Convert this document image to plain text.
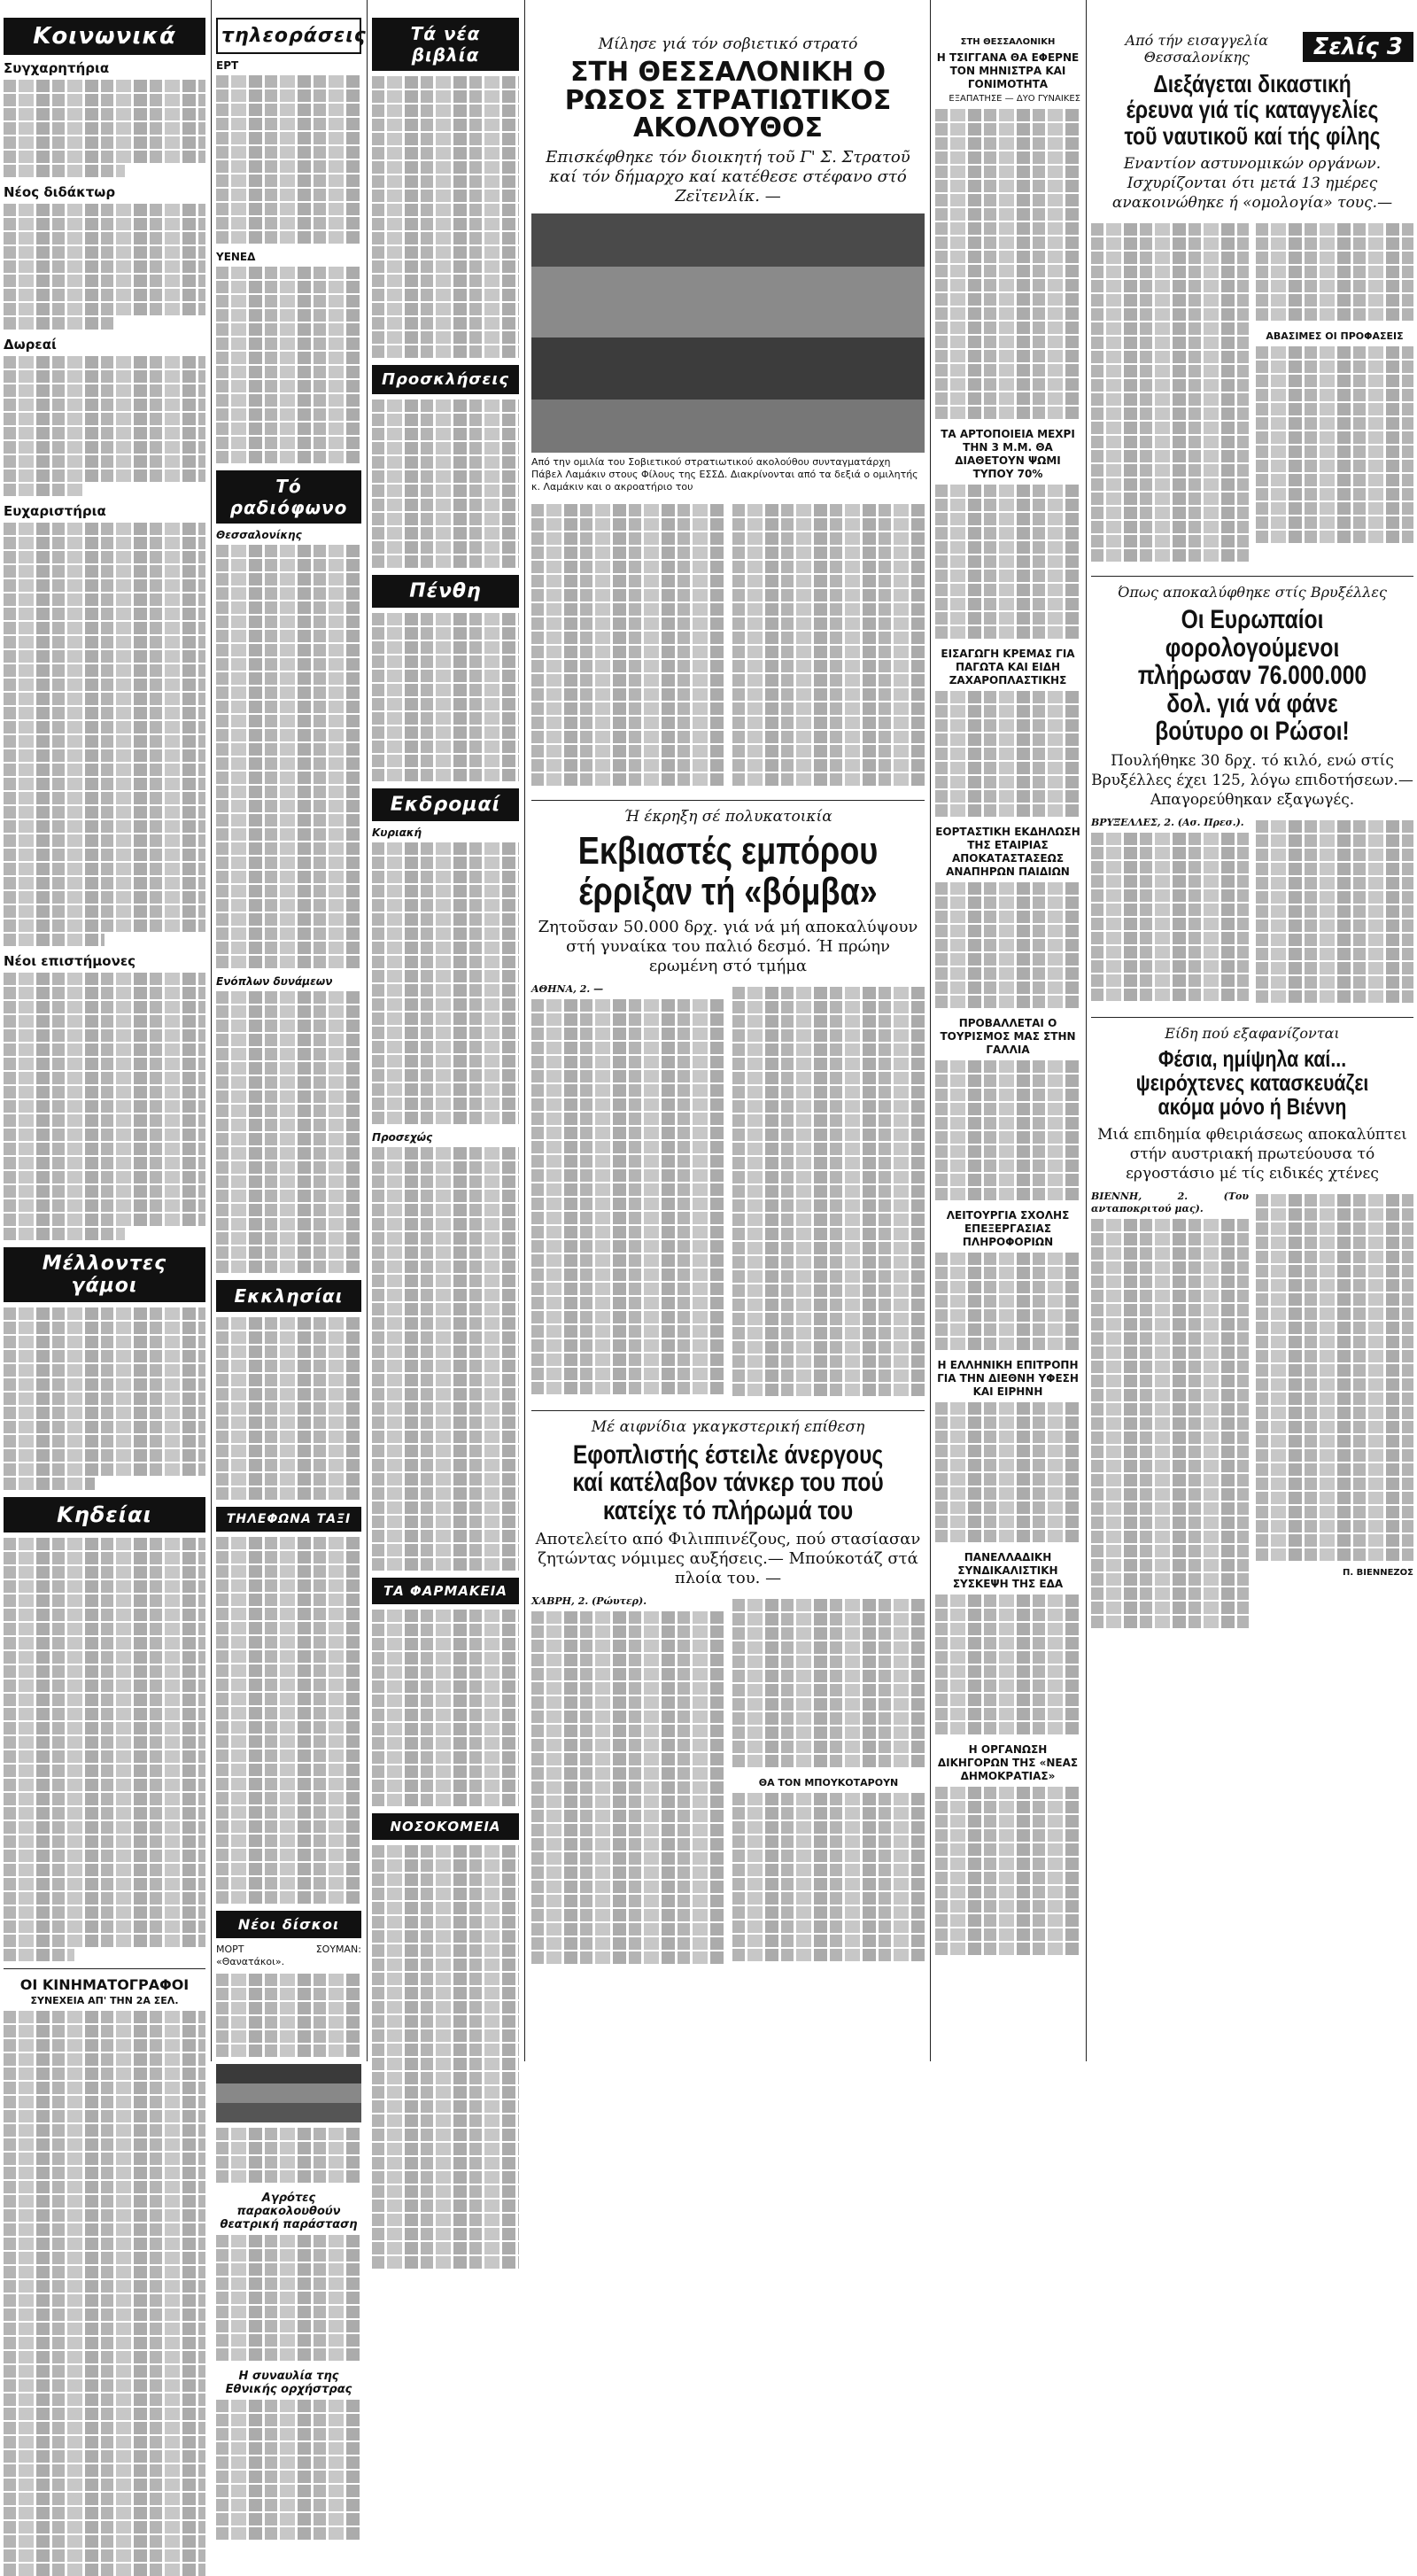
Κοινωνικά
Συγχαρητήρια
Νέος διδάκτωρ
Δωρεαί
Ευχαριστήρια
Νέοι επιστήμονες
Μέλλοντες γάμοι
Κηδείαι
ΟΙ ΚΙΝΗΜΑΤΟΓΡΑΦΟΙ
ΣΥΝΕΧΕΙΑ ΑΠ' ΤΗΝ 2Α ΣΕΛ.
τηλεοράσεις
ΕΡΤ
ΥΕΝΕΔ
Τό ραδιόφωνο
Θεσσαλονίκης
Ενόπλων δυνάμεων
Εκκλησίαι
ΤΗΛΕΦΩΝΑ ΤΑΞΙ
Νέοι δίσκοι
ΜΟΡΤ ΣΟΥΜΑΝ: «Θανατάκοι».
Αγρότες παρακολουθούν θεατρική παράσταση
Η συναυλία της Εθνικής ορχήστρας
Τά νέα βιβλία
Προσκλήσεις
Πένθη
Εκδρομαί
Κυριακή
Προσεχώς
ΤΑ ΦΑΡΜΑΚΕΙΑ
ΝΟΣΟΚΟΜΕΙΑ
Μίλησε γιά τόν σοβιετικό στρατό
ΣΤΗ ΘΕΣΣΑΛΟΝΙΚΗ Ο ΡΩΣΟΣ ΣΤΡΑΤΙΩΤΙΚΟΣ ΑΚΟΛΟΥΘΟΣ
Επισκέφθηκε τόν διοικητή τοῦ Γ' Σ. Στρατοῦ καί τόν δήμαρχο καί κατέθεσε στέφανο στό Ζεϊτενλίκ. —
Από την ομιλία του Σοβιετικού στρατιωτικού ακολούθου συνταγματάρχη Πάβελ Λαμάκιν στους Φίλους της ΕΣΣΔ. Διακρίνονται από τα δεξιά ο ομιλητής κ. Λαμάκιν και ο ακροατήριο του
Ή έκρηξη σέ πολυκατοικία
Εκβιαστές εμπόρου έρριξαν τή «βόμβα»
Ζητοῦσαν 50.000 δρχ. γιά νά μή αποκαλύψουν στή γυναίκα του παλιό δεσμό. Ή πρώην ερωμένη στό τμήμα
ΑΘΗΝΑ, 2. —
Μέ αιφνίδια γκαγκστερική επίθεση
Εφοπλιστής έστειλε άνεργους καί κατέλαβον τάνκερ του πού κατείχε τό πλήρωμά του
Αποτελείτο από Φιλιππινέζους, πού στασίασαν ζητώντας νόμιμες αυξήσεις.— Μπούκοτάζ στά πλοία του. —
ΧΑΒΡΗ, 2. (Ρώυτερ).
ΘΑ ΤΟΝ ΜΠΟΥΚΟΤΑΡΟΥΝ
ΣΤΗ ΘΕΣΣΑΛΟΝΙΚΗ
Η ΤΣΙΓΓΑΝΑ ΘΑ ΕΦΕΡΝΕ ΤΟΝ ΜΗΝΙΣΤΡΑ ΚΑΙ ΓΟΝΙΜΟΤΗΤΑ
ΕΞΑΠΑΤΗΣΕ — ΔΥΟ ΓΥΝΑΙΚΕΣ
ΤΑ ΑΡΤΟΠΟΙΕΙΑ ΜΕΧΡΙ ΤΗΝ 3 Μ.Μ. ΘΑ ΔΙΑΘΕΤΟΥΝ ΨΩΜΙ ΤΥΠΟΥ 70%
ΕΙΣΑΓΩΓΗ ΚΡΕΜΑΣ ΓΙΑ ΠΑΓΩΤΑ ΚΑΙ ΕΙΔΗ ΖΑΧΑΡΟΠΛΑΣΤΙΚΗΣ
ΕΟΡΤΑΣΤΙΚΗ ΕΚΔΗΛΩΣΗ ΤΗΣ ΕΤΑΙΡΙΑΣ ΑΠΟΚΑΤΑΣΤΑΣΕΩΣ ΑΝΑΠΗΡΩΝ ΠΑΙΔΙΩΝ
ΠΡΟΒΑΛΛΕΤΑΙ Ο ΤΟΥΡΙΣΜΟΣ ΜΑΣ ΣΤΗΝ ΓΑΛΛΙΑ
ΛΕΙΤΟΥΡΓΙΑ ΣΧΟΛΗΣ ΕΠΕΞΕΡΓΑΣΙΑΣ ΠΛΗΡΟΦΟΡΙΩΝ
Η ΕΛΛΗΝΙΚΗ ΕΠΙΤΡΟΠΗ ΓΙΑ ΤΗΝ ΔΙΕΘΝΗ ΥΦΕΣΗ ΚΑΙ ΕΙΡΗΝΗ
ΠΑΝΕΛΛΑΔΙΚΗ ΣΥΝΔΙΚΑΛΙΣΤΙΚΗ ΣΥΣΚΕΨΗ ΤΗΣ ΕΔΑ
Η ΟΡΓΑΝΩΣΗ ΔΙΚΗΓΟΡΩΝ ΤΗΣ «ΝΕΑΣ ΔΗΜΟΚΡΑΤΙΑΣ»
Σελίς 3
Από τήν εισαγγελία Θεσσαλονίκης
Διεξάγεται δικαστική έρευνα γιά τίς καταγγελίες τοῦ ναυτικοῦ καί τής φίλης
Εναντίον αστυνομικών οργάνων. Ισχυρίζονται ότι μετά 13 ημέρες ανακοινώθηκε ή «ομολογία» τους.—
ΑΒΑΣΙΜΕΣ ΟΙ ΠΡΟΦΑΣΕΙΣ
Όπως αποκαλύφθηκε στίς Βρυξέλλες
Οι Ευρωπαίοι φορολογούμενοι πλήρωσαν 76.000.000 δολ. γιά νά φάνε βούτυρο οι Ρώσοι!
Πουλήθηκε 30 δρχ. τό κιλό, ενώ στίς Βρυξέλλες έχει 125, λόγω επιδοτήσεων.— Απαγορεύθηκαν εξαγωγές.
ΒΡΥΞΕΛΛΕΣ, 2. (Ασ. Πρεσ.).
Είδη πού εξαφανίζονται
Φέσια, ημίψηλα καί... ψειρόχτενες κατασκευάζει ακόμα μόνο ή Βιέννη
Μιά επιδημία φθειριάσεως αποκαλύπτει στήν αυστριακή πρωτεύουσα τό εργοστάσιο μέ τίς ειδικές χτένες
ΒΙΕΝΝΗ, 2. (Του ανταποκριτού μας).
Π. ΒΙΕΝΝΕΖΟΣ
